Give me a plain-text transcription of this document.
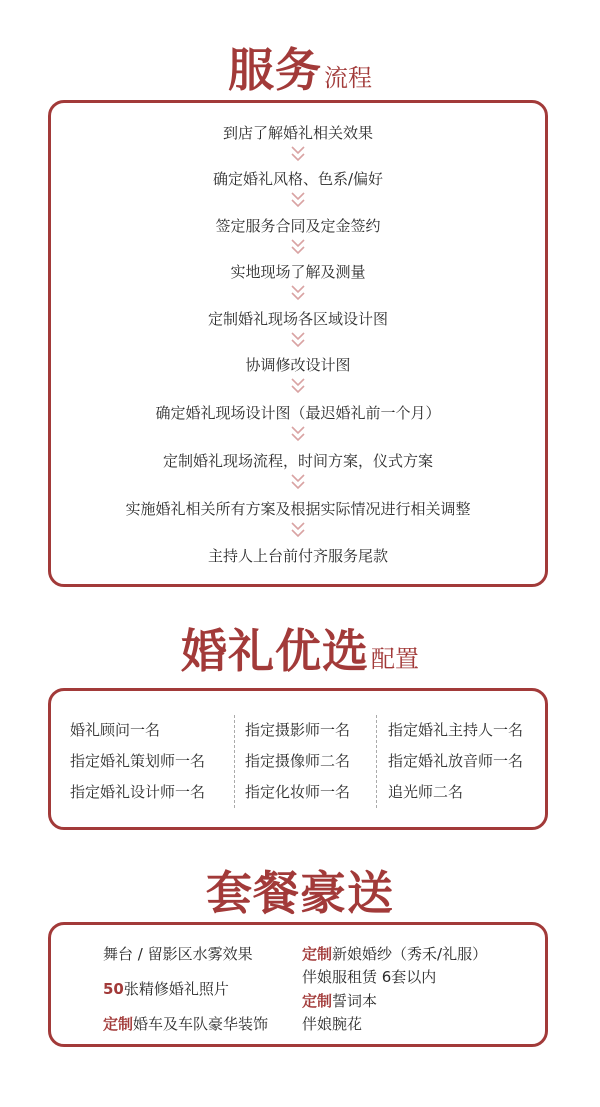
服务流程
到店了解婚礼相关效果
确定婚礼风格、色系/偏好
签定服务合同及定金签约
实地现场了解及测量
定制婚礼现场各区域设计图
协调修改设计图
确定婚礼现场设计图（最迟婚礼前一个月）
定制婚礼现场流程，时间方案，仪式方案
实施婚礼相关所有方案及根据实际情况进行相关调整
主持人上台前付齐服务尾款
婚礼优选配置
婚礼顾问一名
指定婚礼策划师一名
指定婚礼设计师一名
指定摄影师一名
指定摄像师二名
指定化妆师一名
指定婚礼主持人一名
指定婚礼放音师一名
追光师二名
套餐豪送
舞台 / 留影区水雾效果
50张精修婚礼照片
定制婚车及车队豪华装饰
定制新娘婚纱（秀禾/礼服）
伴娘服租赁 6套以内
定制誓词本
伴娘腕花
